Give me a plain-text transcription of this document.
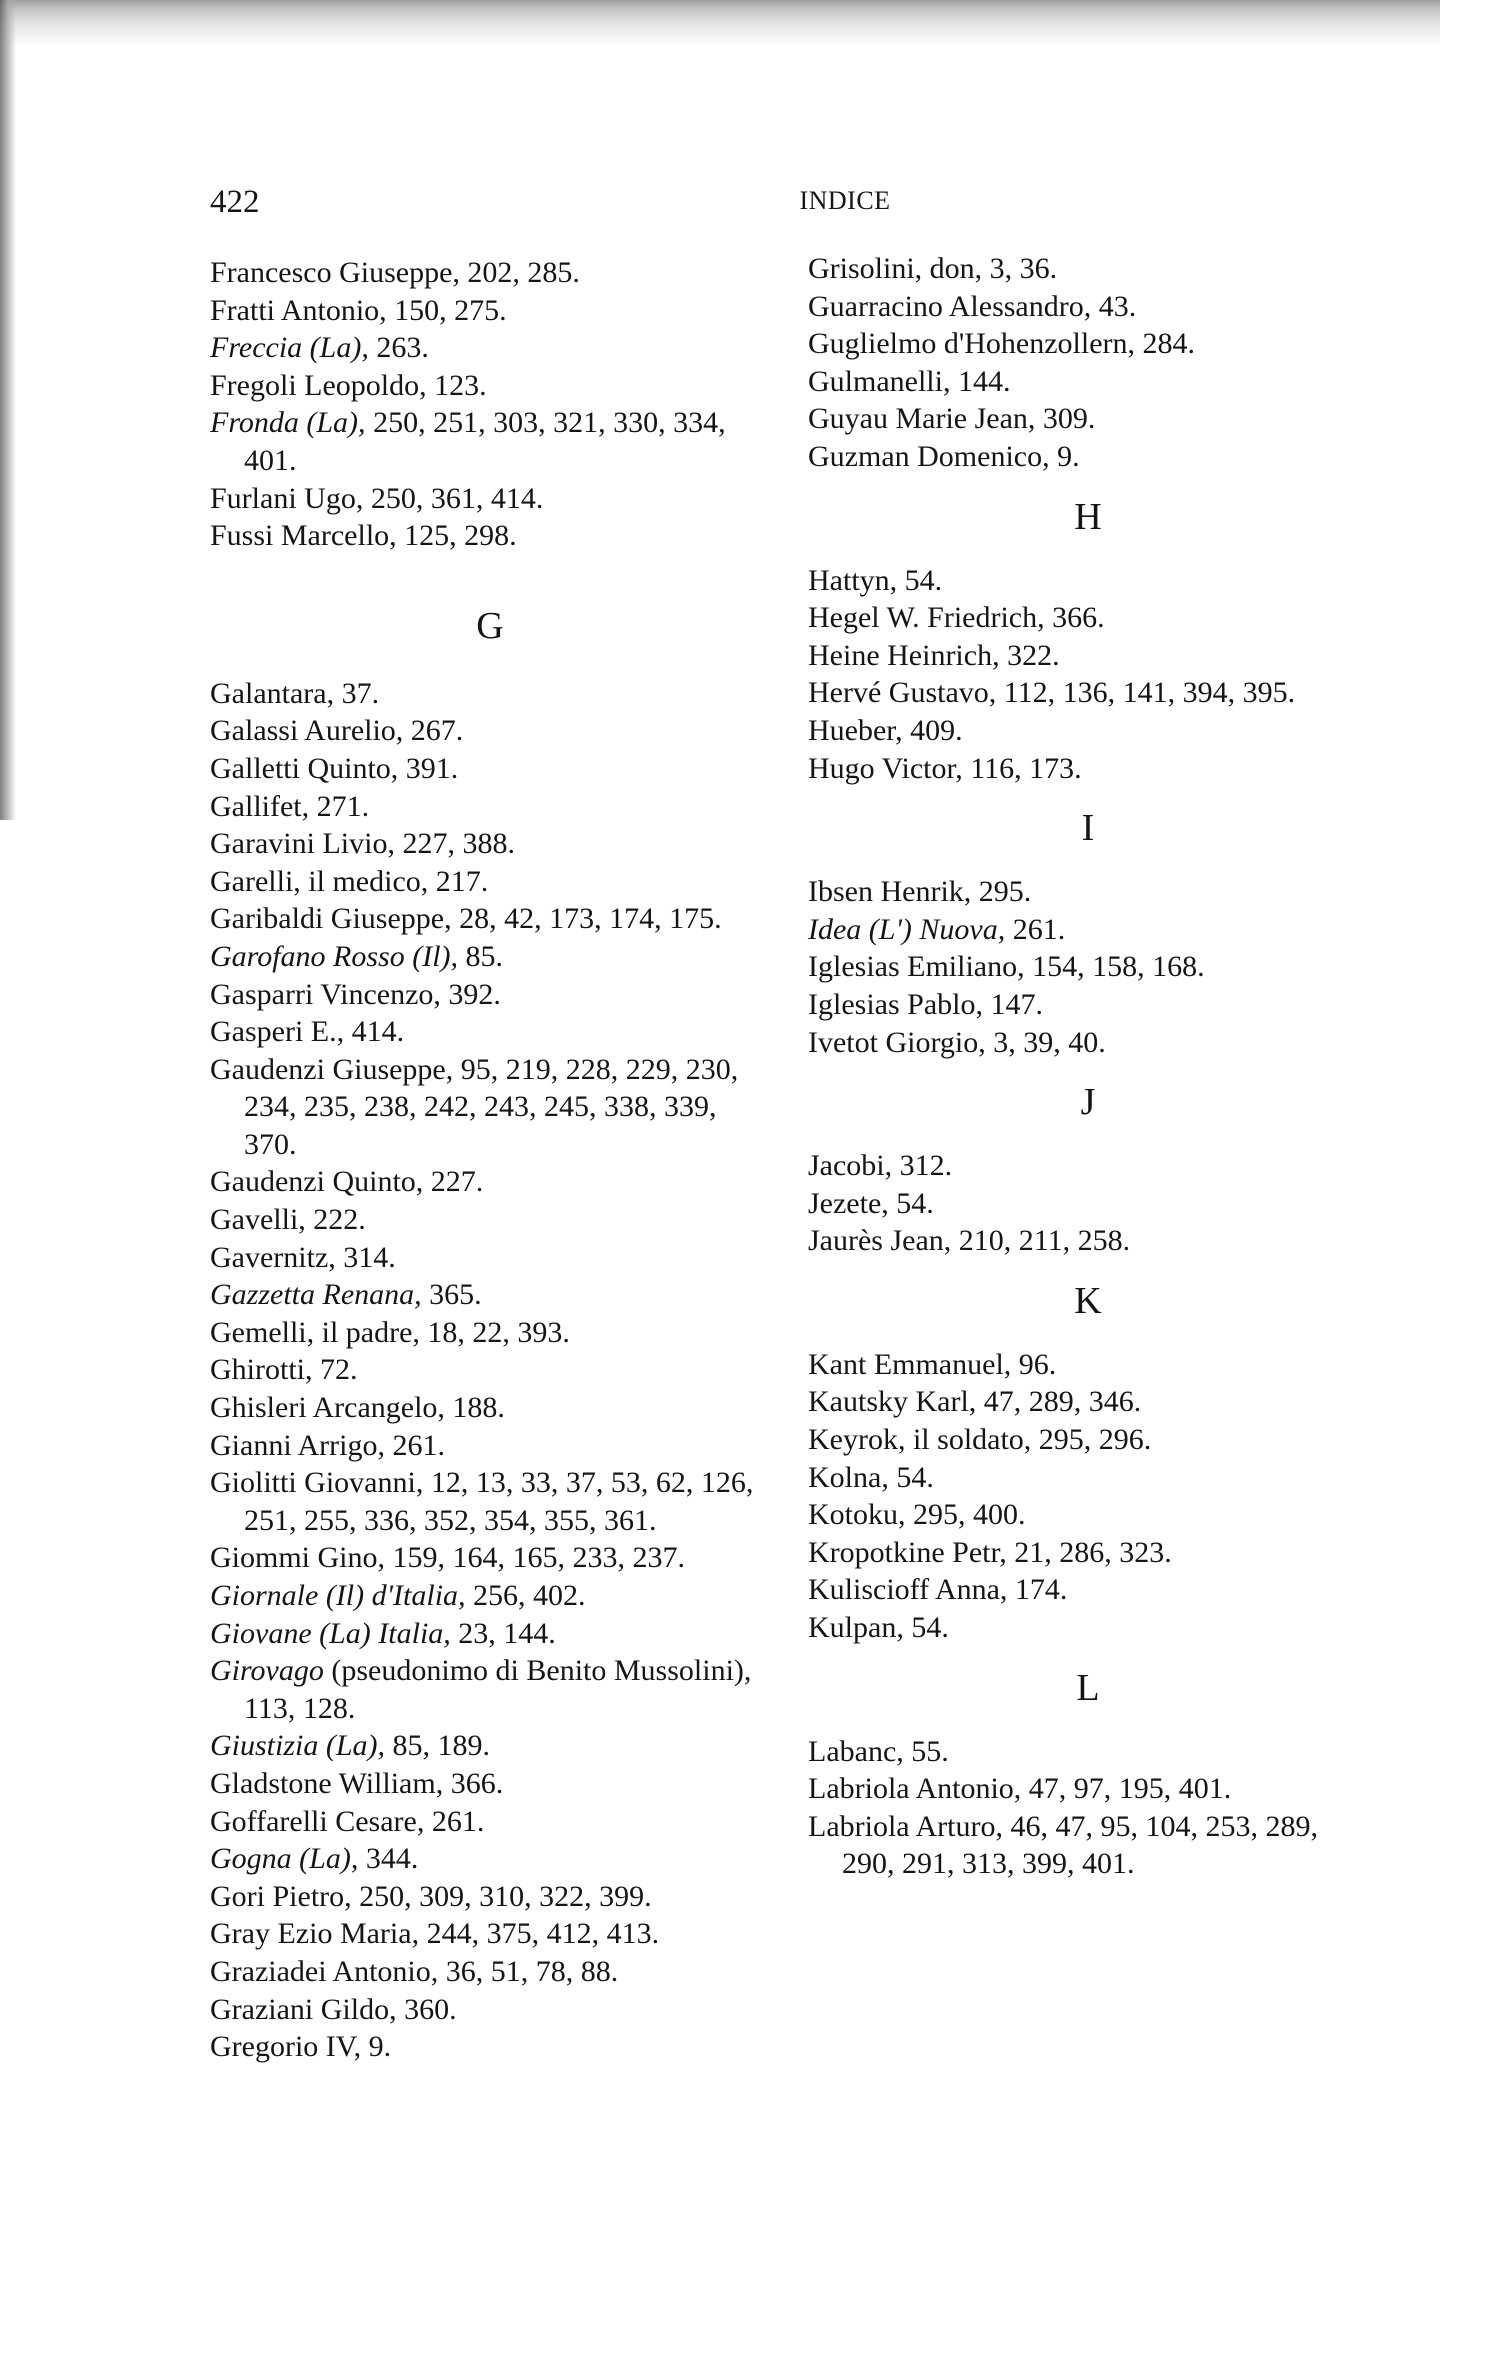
422	INDICE
Francesco Giuseppe, 202, 285.
Fratti Antonio, 150, 275.
Freccia (La), 263.
Fregoli Leopoldo, 123.
Fronda (La), 250, 251, 303, 321, 330, 334, 401.
Furlani Ugo, 250, 361, 414.
Fussi Marcello, 125, 298.
G
Galantara, 37.
Galassi Aurelio, 267.
Galletti Quinto, 391.
Gallifet, 271.
Garavini Livio, 227, 388.
Garelli, il medico, 217.
Garibaldi Giuseppe, 28, 42, 173, 174, 175.
Garofano Rosso (Il), 85.
Gasparri Vincenzo, 392.
Gasperi E., 414.
Gaudenzi Giuseppe, 95, 219, 228, 229, 230, 234, 235, 238, 242, 243, 245, 338, 339, 370.
Gaudenzi Quinto, 227.
Gavelli, 222.
Gavernitz, 314.
Gazzetta Renana, 365.
Gemelli, il padre, 18, 22, 393.
Ghirotti, 72.
Ghisleri Arcangelo, 188.
Gianni Arrigo, 261.
Giolitti Giovanni, 12, 13, 33, 37, 53, 62, 126, 251, 255, 336, 352, 354, 355, 361.
Giommi Gino, 159, 164, 165, 233, 237.
Giornale (Il) d'Italia, 256, 402.
Giovane (La) Italia, 23, 144.
Girovago (pseudonimo di Benito Mussolini), 113, 128.
Giustizia (La), 85, 189.
Gladstone William, 366.
Goffarelli Cesare, 261.
Gogna (La), 344.
Gori Pietro, 250, 309, 310, 322, 399.
Gray Ezio Maria, 244, 375, 412, 413.
Graziadei Antonio, 36, 51, 78, 88.
Graziani Gildo, 360.
Gregorio IV, 9.
Grisolini, don, 3, 36.
Guarracino Alessandro, 43.
Guglielmo d'Hohenzollern, 284.
Gulmanelli, 144.
Guyau Marie Jean, 309.
Guzman Domenico, 9.
H
Hattyn, 54.
Hegel W. Friedrich, 366.
Heine Heinrich, 322.
Hervé Gustavo, 112, 136, 141, 394, 395.
Hueber, 409.
Hugo Victor, 116, 173.
I
Ibsen Henrik, 295.
Idea (L') Nuova, 261.
Iglesias Emiliano, 154, 158, 168.
Iglesias Pablo, 147.
Ivetot Giorgio, 3, 39, 40.
J
Jacobi, 312.
Jezete, 54.
Jaurès Jean, 210, 211, 258.
K
Kant Emmanuel, 96.
Kautsky Karl, 47, 289, 346.
Keyrok, il soldato, 295, 296.
Kolna, 54.
Kotoku, 295, 400.
Kropotkine Petr, 21, 286, 323.
Kuliscioff Anna, 174.
Kulpan, 54.
L
Labanc, 55.
Labriola Antonio, 47, 97, 195, 401.
Labriola Arturo, 46, 47, 95, 104, 253, 289, 290, 291, 313, 399, 401.
